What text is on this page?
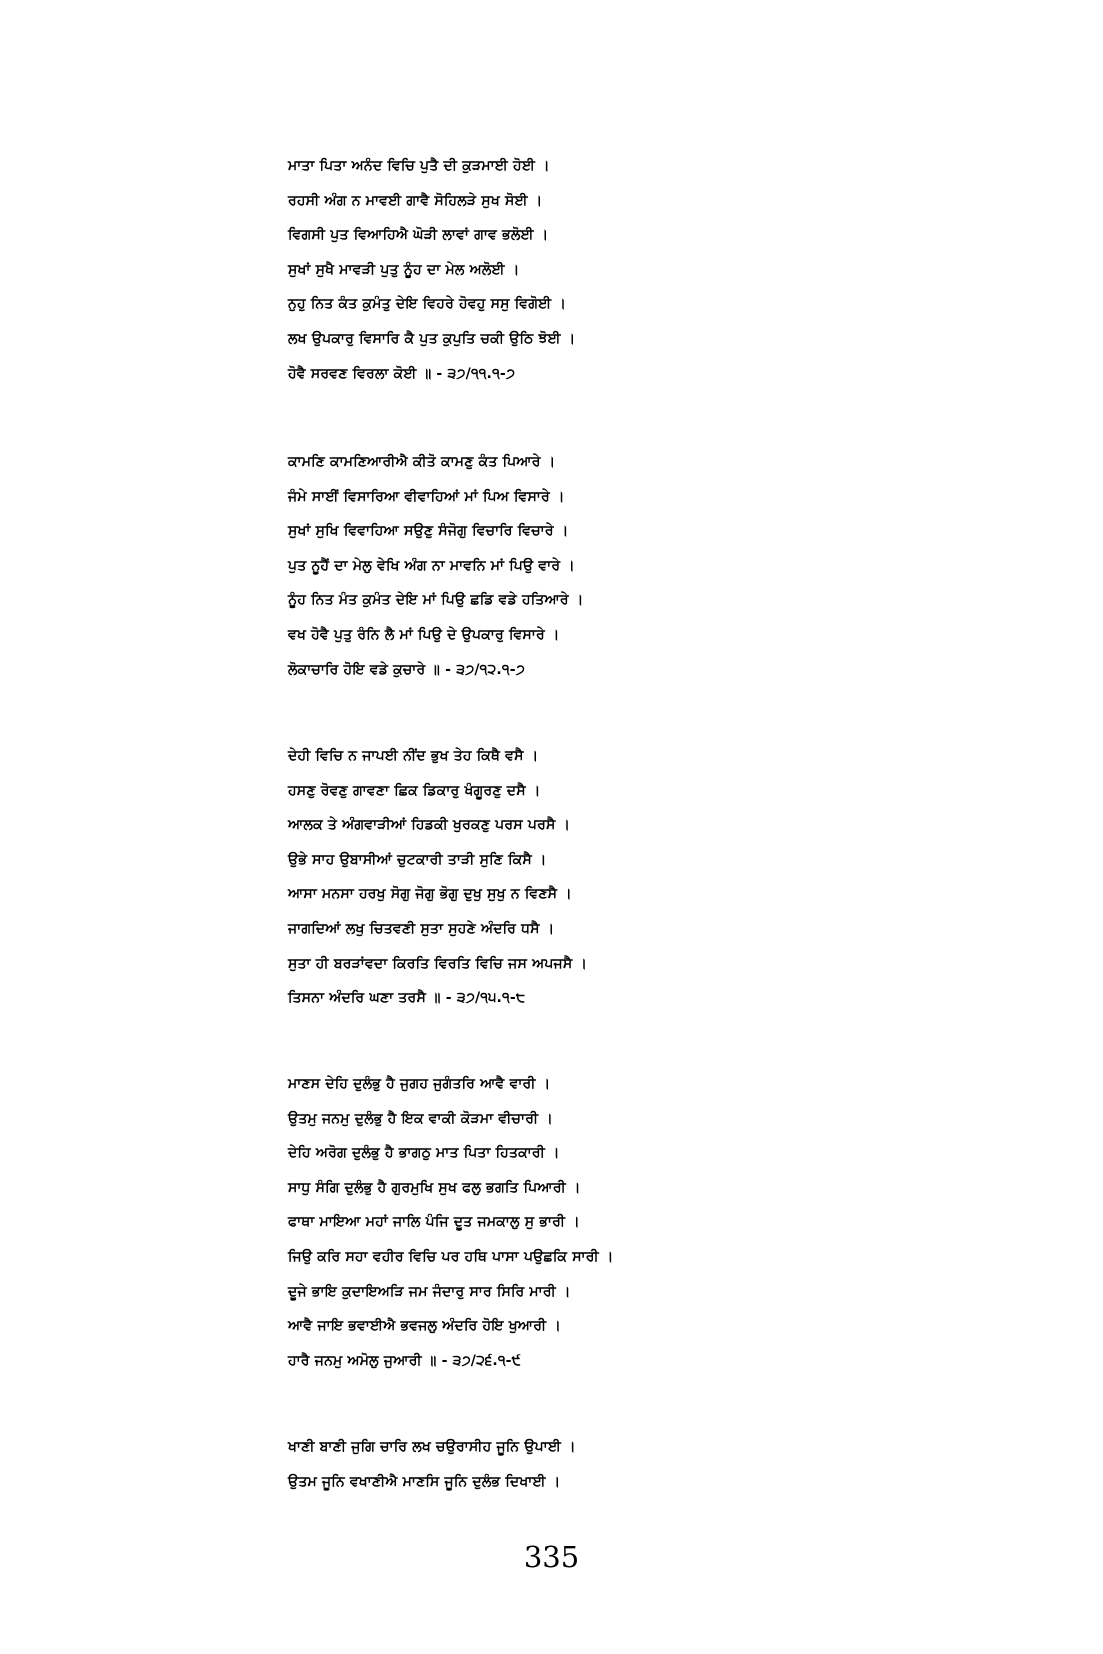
ਮਾਤਾ ਪਿਤਾ ਅਨੰਦ ਵਿਚਿ ਪੁਤੈ ਦੀ ਕੁੜਮਾਈ ਹੋਈ ।
ਰਹਸੀ ਅੰਗ ਨ ਮਾਵਈ ਗਾਵੈ ਸੋਹਿਲੜੇ ਸੁਖ ਸੋਈ ।
ਵਿਗਸੀ ਪੁਤ ਵਿਆਹਿਐ ਘੋੜੀ ਲਾਵਾਂ ਗਾਵ ਭਲੋਈ ।
ਸੁਖਾਂ ਸੁਖੈ ਮਾਵੜੀ ਪੁਤੁ ਨੂੰਹ ਦਾ ਮੇਲ ਅਲੋਈ ।
ਨੁਹੁ ਨਿਤ ਕੰਤ ਕੁਮੰਤੁ ਦੇਇ ਵਿਹਰੇ ਹੋਵਹੁ ਸਸੁ ਵਿਗੋਈ ।
ਲਖ ਉਪਕਾਰੁ ਵਿਸਾਰਿ ਕੈ ਪੁਤ ਕੁਪੁਤਿ ਚਕੀ ਉਠਿ ਝੋਈ ।
ਹੋਵੈ ਸਰਵਣ ਵਿਰਲਾ ਕੋਈ ॥ - ੩੭/੧੧.੧-੭
ਕਾਮਣਿ ਕਾਮਣਿਆਰੀਐ ਕੀਤੋ ਕਾਮਣੁ ਕੰਤ ਪਿਆਰੇ ।
ਜੰਮੇ ਸਾਈਂ ਵਿਸਾਰਿਆ ਵੀਵਾਹਿਆਂ ਮਾਂ ਪਿਅ ਵਿਸਾਰੇ ।
ਸੁਖਾਂ ਸੁਖਿ ਵਿਵਾਹਿਆ ਸਉਣੁ ਸੰਜੋਗੁ ਵਿਚਾਰਿ ਵਿਚਾਰੇ ।
ਪੁਤ ਨੂਹੈਂ ਦਾ ਮੇਲੁ ਵੇਖਿ ਅੰਗ ਨਾ ਮਾਵਨਿ ਮਾਂ ਪਿਉ ਵਾਰੇ ।
ਨੂੰਹ ਨਿਤ ਮੰਤ ਕੁਮੰਤ ਦੇਇ ਮਾਂ ਪਿਉ ਛਡਿ ਵਡੇ ਹਤਿਆਰੇ ।
ਵਖ ਹੋਵੈ ਪੁਤੁ ਰੰਨਿ ਲੈ ਮਾਂ ਪਿਉ ਦੇ ਉਪਕਾਰੁ ਵਿਸਾਰੇ ।
ਲੋਕਾਚਾਰਿ ਹੋਇ ਵਡੇ ਕੁਚਾਰੇ ॥ - ੩੭/੧੨.੧-੭
ਦੇਹੀ ਵਿਚਿ ਨ ਜਾਪਈ ਨੀਂਦ ਭੁਖ ਤੇਹ ਕਿਥੈ ਵਸੈ ।
ਹਸਣੁ ਰੋਵਣੁ ਗਾਵਣਾ ਛਿਕ ਡਿਕਾਰੁ ਖੰਗੂਰਣੁ ਦਸੈ ।
ਆਲਕ ਤੇ ਅੰਗਵਾੜੀਆਂ ਹਿਡਕੀ ਖੁਰਕਣੁ ਪਰਸ ਪਰਸੈ ।
ਉਭੇ ਸਾਹ ਉਬਾਸੀਆਂ ਚੁਟਕਾਰੀ ਤਾੜੀ ਸੁਣਿ ਕਿਸੈ ।
ਆਸਾ ਮਨਸਾ ਹਰਖੁ ਸੋਗੁ ਜੋਗੁ ਭੋਗੁ ਦੁਖੁ ਸੁਖੁ ਨ ਵਿਣਸੈ ।
ਜਾਗਦਿਆਂ ਲਖੁ ਚਿਤਵਣੀ ਸੁਤਾ ਸੁਹਣੇ ਅੰਦਰਿ ਧਸੈ ।
ਸੁਤਾ ਹੀ ਬਰੜਾਂਵਦਾ ਕਿਰਤਿ ਵਿਰਤਿ ਵਿਚਿ ਜਸ ਅਪਜਸੈ ।
ਤਿਸਨਾ ਅੰਦਰਿ ਘਣਾ ਤਰਸੈ ॥ - ੩੭/੧੫.੧-੮
ਮਾਣਸ ਦੇਹਿ ਦੁਲੰਭੁ ਹੈ ਜੁਗਹ ਜੁਗੰਤਰਿ ਆਵੈ ਵਾਰੀ ।
ਉਤਮੁ ਜਨਮੁ ਦੁਲੰਭੁ ਹੈ ਇਕ ਵਾਕੀ ਕੋੜਮਾ ਵੀਚਾਰੀ ।
ਦੇਹਿ ਅਰੋਗ ਦੁਲੰਭੁ ਹੈ ਭਾਗਠੁ ਮਾਤ ਪਿਤਾ ਹਿਤਕਾਰੀ ।
ਸਾਧੁ ਸੰਗਿ ਦੁਲੰਭੁ ਹੈ ਗੁਰਮੁਖਿ ਸੁਖ ਫਲੁ ਭਗਤਿ ਪਿਆਰੀ ।
ਫਾਥਾ ਮਾਇਆ ਮਹਾਂ ਜਾਲਿ ਪੰਜਿ ਦੂਤ ਜਮਕਾਲੁ ਸੁ ਭਾਰੀ ।
ਜਿਉ ਕਰਿ ਸਹਾ ਵਹੀਰ ਵਿਚਿ ਪਰ ਹਥਿ ਪਾਸਾ ਪਉਛਕਿ ਸਾਰੀ ।
ਦੂਜੇ ਭਾਇ ਕੁਦਾਇਅੜਿ ਜਮ ਜੰਦਾਰੁ ਸਾਰ ਸਿਰਿ ਮਾਰੀ ।
ਆਵੈ ਜਾਇ ਭਵਾਈਐ ਭਵਜਲੁ ਅੰਦਰਿ ਹੋਇ ਖੁਆਰੀ ।
ਹਾਰੈ ਜਨਮੁ ਅਮੋਲੁ ਜੁਆਰੀ ॥ - ੩੭/੨੬.੧-੯
ਖਾਣੀ ਬਾਣੀ ਜੁਗਿ ਚਾਰਿ ਲਖ ਚਉਰਾਸੀਹ ਜੂਨਿ ਉਪਾਈ ।
ਉਤਮ ਜੂਨਿ ਵਖਾਣੀਐ ਮਾਣਸਿ ਜੂਨਿ ਦੁਲੰਭ ਦਿਖਾਈ ।
335
